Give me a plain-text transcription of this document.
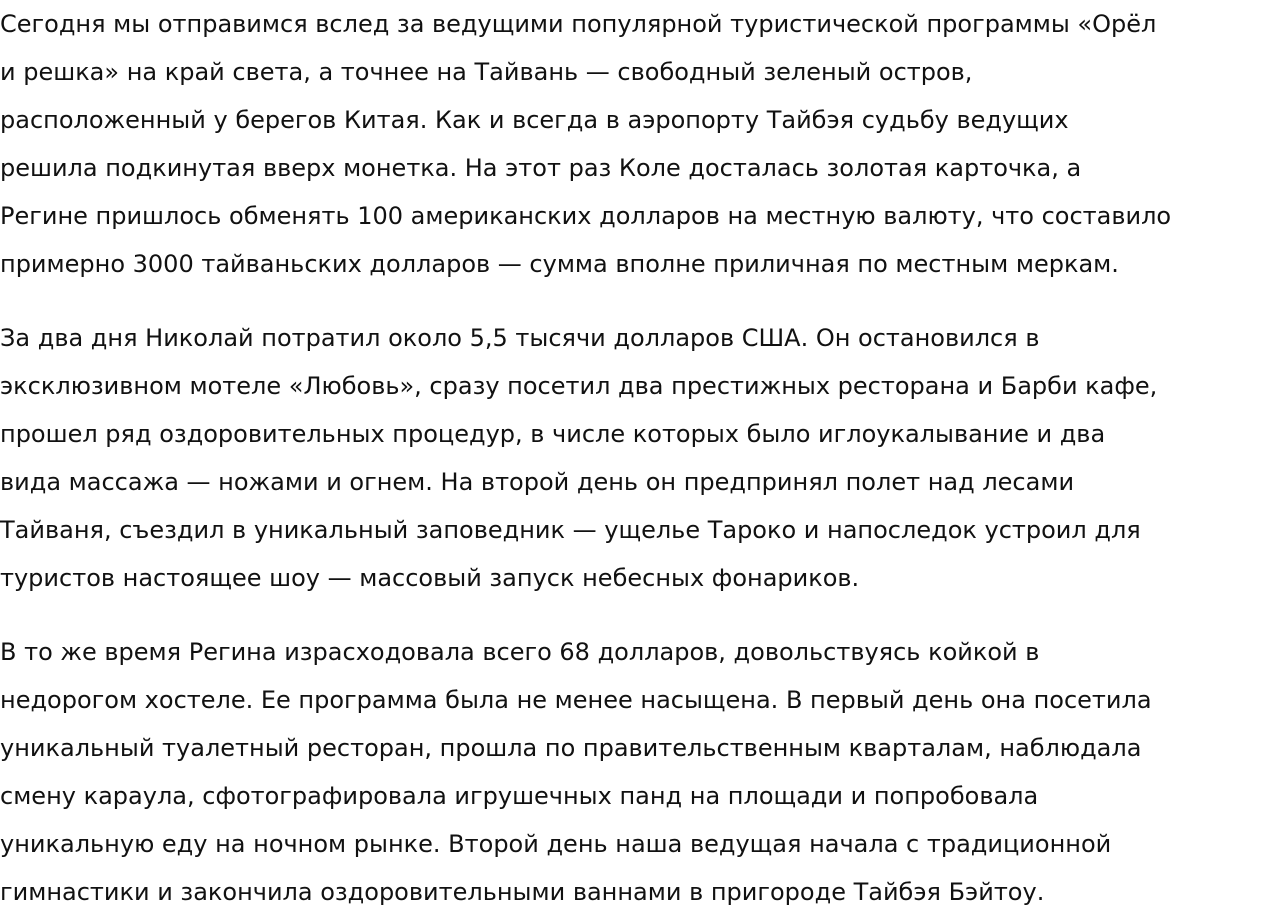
Сегодня мы отправимся вслед за ведущими популярной туристической программы «Орёл
и решка» на край света, а точнее на Тайвань — свободный зеленый остров,
расположенный у берегов Китая. Как и всегда в аэропорту Тайбэя судьбу ведущих
решила подкинутая вверх монетка. На этот раз Коле досталась золотая карточка, а
Регине пришлось обменять 100 американских долларов на местную валюту, что составило
примерно 3000 тайваньских долларов — сумма вполне приличная по местным меркам.

За два дня Николай потратил около 5,5 тысячи долларов США. Он остановился в
эксклюзивном мотеле «Любовь», сразу посетил два престижных ресторана и Барби кафе,
прошел ряд оздоровительных процедур, в числе которых было иглоукалывание и два
вида массажа — ножами и огнем. На второй день он предпринял полет над лесами
Тайваня, съездил в уникальный заповедник — ущелье Тароко и напоследок устроил для
туристов настоящее шоу — массовый запуск небесных фонариков.

В то же время Регина израсходовала всего 68 долларов, довольствуясь койкой в
недорогом хостеле. Ее программа была не менее насыщена. В первый день она посетила
уникальный туалетный ресторан, прошла по правительственным кварталам, наблюдала
смену караула, сфотографировала игрушечных панд на площади и попробовала
уникальную еду на ночном рынке. Второй день наша ведущая начала с традиционной
гимнастики и закончила оздоровительными ваннами в пригороде Тайбэя Бэйтоу.
